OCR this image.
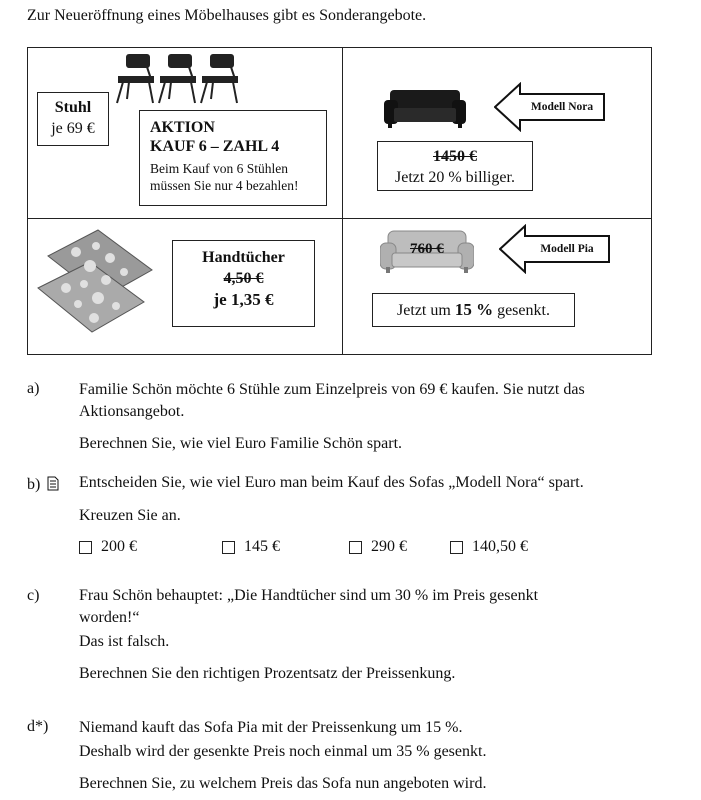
Zur Neueröffnung eines Möbelhauses gibt es Sonderangebote.
Stuhl
je 69 €	AKTION
KAUF 6 – ZAHL 4
Beim Kauf von 6 Stühlen
müssen Sie nur 4 bezahlen!
Modell Nora
1450 €
Jetzt 20 % billiger.
Handtücher
4,50 €
je 1,35 €
760 €	Modell Pia
Jetzt um 15 % gesenkt.
a) Familie Schön möchte 6 Stühle zum Einzelpreis von 69 € kaufen. Sie nutzt das
Aktionsangebot.
Berechnen Sie, wie viel Euro Familie Schön spart.
b) Entscheiden Sie, wie viel Euro man beim Kauf des Sofas „Modell Nora“ spart.
Kreuzen Sie an.
200 €	145 €	290 €	140,50 €
c) Frau Schön behauptet: „Die Handtücher sind um 30 % im Preis gesenkt
worden!“
Das ist falsch.
Berechnen Sie den richtigen Prozentsatz der Preissenkung.
d*) Niemand kauft das Sofa Pia mit der Preissenkung um 15 %.
Deshalb wird der gesenkte Preis noch einmal um 35 % gesenkt.
Berechnen Sie, zu welchem Preis das Sofa nun angeboten wird.
